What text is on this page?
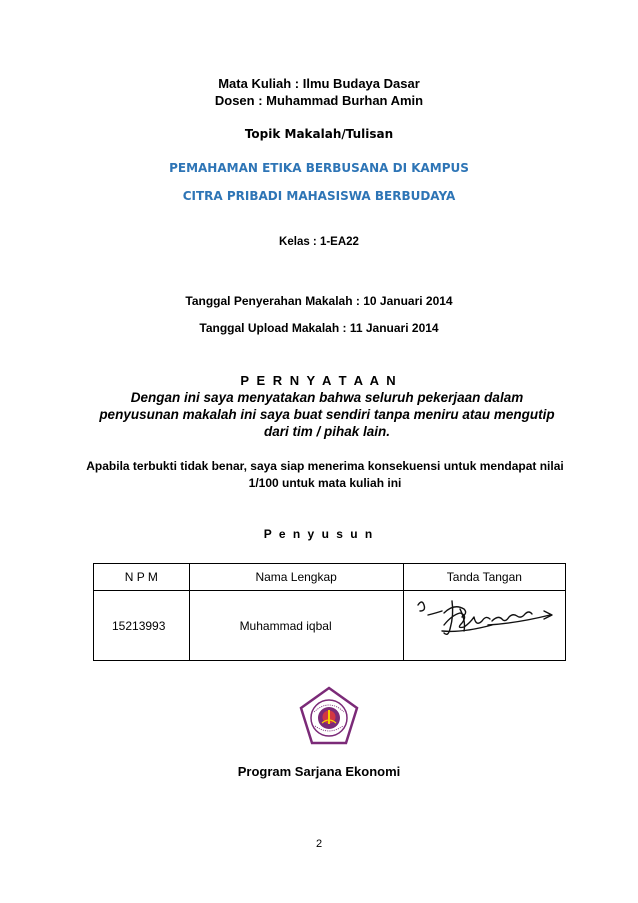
Mata Kuliah : Ilmu Budaya Dasar
Dosen : Muhammad Burhan Amin
Topik Makalah/Tulisan
PEMAHAMAN ETIKA BERBUSANA DI KAMPUS
CITRA PRIBADI MAHASISWA BERBUDAYA
Kelas : 1-EA22
Tanggal Penyerahan Makalah : 10 Januari 2014
Tanggal Upload Makalah : 11 Januari 2014
P E R N Y A T A A N
Dengan ini saya menyatakan bahwa seluruh pekerjaan dalam penyusunan makalah ini saya buat sendiri tanpa meniru atau mengutip dari tim / pihak lain.
Apabila terbukti tidak benar, saya siap menerima konsekuensi untuk mendapat nilai 1/100 untuk mata kuliah ini
P e n y u s u n
N P M	Nama Lengkap	Tanda Tangan
15213993	Muhammad iqbal	
Program Sarjana Ekonomi
2
